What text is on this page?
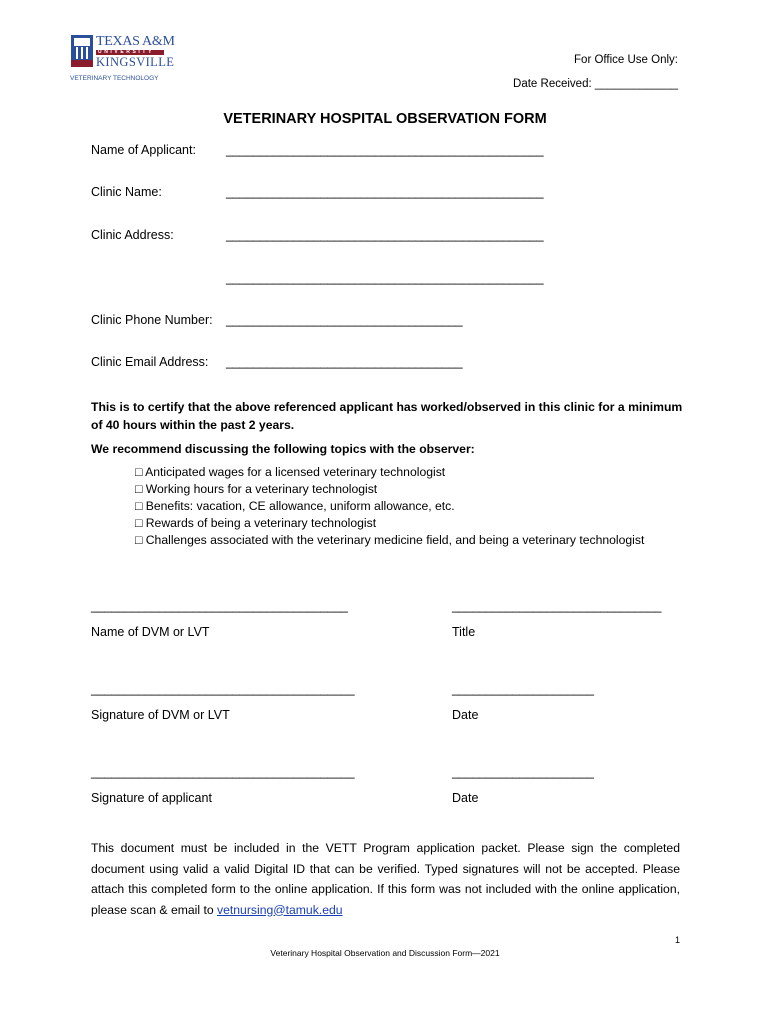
TEXAS A&M
UNIVERSITY
KINGSVILLE
VETERINARY TECHNOLOGY
For Office Use Only:
Date Received: _____________
VETERINARY HOSPITAL OBSERVATION FORM
Name of Applicant: _______________________________________________
Clinic Name:	_______________________________________________
Clinic Address:	_______________________________________________
_______________________________________________
Clinic Phone Number: ___________________________________
Clinic Email Address: ___________________________________
This is to certify that the above referenced applicant has worked/observed in this clinic for a minimum of 40 hours within the past 2 years.
We recommend discussing the following topics with the observer:
□ Anticipated wages for a licensed veterinary technologist
□ Working hours for a veterinary technologist
□ Benefits: vacation, CE allowance, uniform allowance, etc.
□ Rewards of being a veterinary technologist
□ Challenges associated with the veterinary medicine field, and being a veterinary technologist
______________________________________
Name of DVM or LVT
_______________________________
Title
_______________________________________
Signature of DVM or LVT
_____________________
Date
_______________________________________
Signature of applicant
_____________________
Date
This document must be included in the VETT Program application packet. Please sign the completed document using valid a valid Digital ID that can be verified. Typed signatures will not be accepted. Please attach this completed form to the online application. If this form was not included with the online application, please scan & email to vetnursing@tamuk.edu
1
Veterinary Hospital Observation and Discussion Form—2021
